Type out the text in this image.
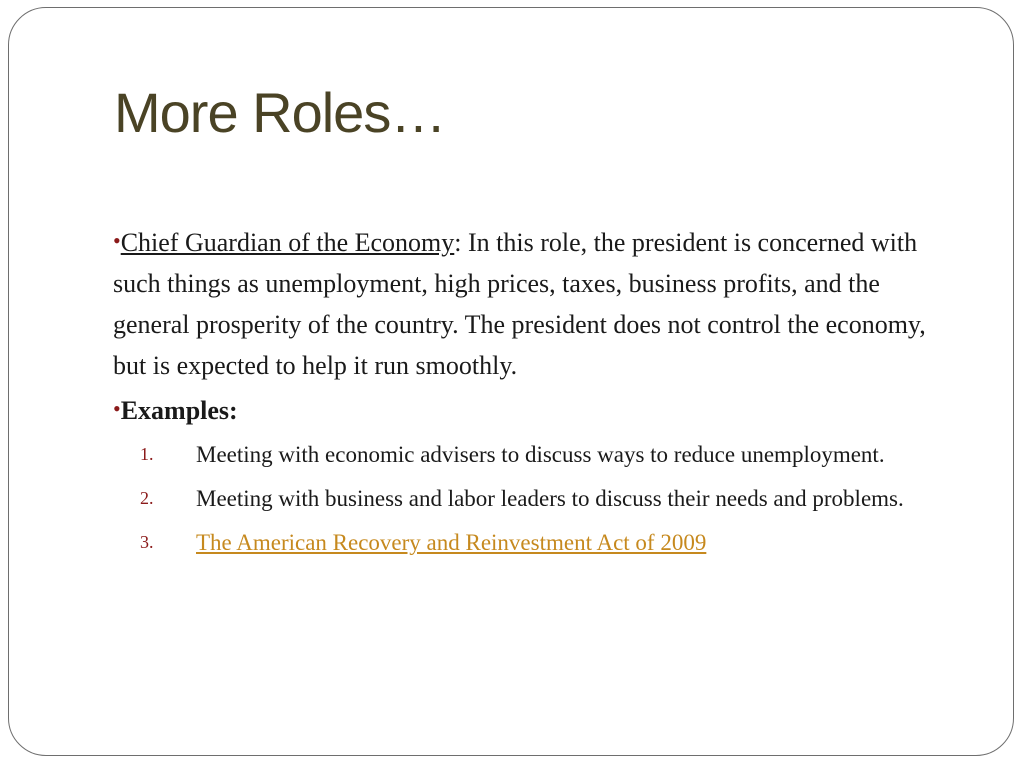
More Roles…

•Chief Guardian of the Economy: In this role, the president is concerned with such things as unemployment, high prices, taxes, business profits, and the general prosperity of the country. The president does not control the economy, but is expected to help it run smoothly.

•Examples:

1. Meeting with economic advisers to discuss ways to reduce unemployment.
2. Meeting with business and labor leaders to discuss their needs and problems.
3. The American Recovery and Reinvestment Act of 2009
